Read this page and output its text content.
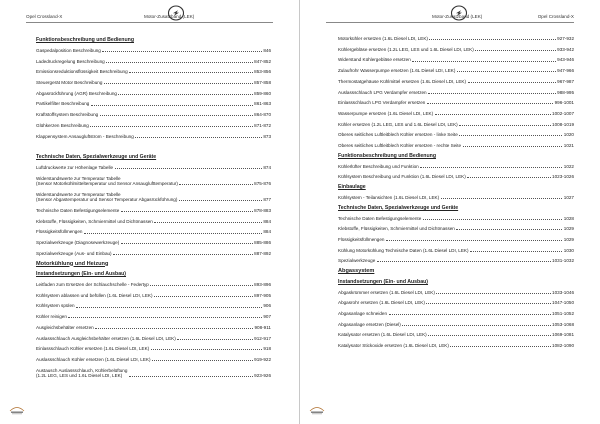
Opel Crossland-X	Motor-Zusatzband (LEK)
Funktionsbeschreibung und Bedienung
Gaspedalposition Beschreibung	846
Ladedruckregelung Beschreibung	847-852
Emissionsreduktionsflüssigkeit Beschreibung	853-856
Steuergerät Motor Beschreibung	857-858
Abgasrückführung (AGR) Beschreibung	859-860
Partikelfilter Beschreibung	861-863
Kraftstoffsystem Beschreibung	864-870
Glühkerzen Beschreibung	871-872
Klappensystem Ansaugluftstrom - Beschreibung	873
Technische Daten, Spezialwerkzeuge und Geräte
Luftdruckwerte zur Höhenlage Tabelle	874
Widerstandswerte zur Temperatur Tabelle
(Sensor Motorkühlmitteltemperatur und Sensor Ansauglufttemperatur)	875-876
Widerstandswerte zur Temperatur Tabelle
(Sensor Abgastemperatur und Sensor Temperatur Abgasrückführung)	877
Technische Daten Befestigungselemente	878-883
Klebstoffe, Flüssigkeiten, Schmiermittel und Dichtmassen	884
Flüssigkeitsfüllmengen	884
Spezialwerkzeuge (Diagnosewerkzeuge)	885-886
Spezialwerkzeuge (Aus- und Einbau)	887-892
Motorkühlung und Heizung
Instandsetzungen (Ein- und Ausbau)
Leitfaden zum Ersetzen der Schlauchschelle - Federtyp	893-896
Kühlsystem ablassen und befüllen (1.6L Diesel LDI, LEK)	897-905
Kühlsystem spülen	906
Kühler reinigen	907
Ausgleichsbehälter ersetzen	908-911
Auslassschlauch Ausgleichsbehälter ersetzen (1.6L Diesel LDI, LEK)	912-917
Einlassschlauch Kühler ersetzen (1.6L Diesel LDI, LEK)	918
Auslassschlauch Kühler ersetzen (1.6L Diesel LDI, LEK)	919-922
Austausch Auslassschlauch, Kühlerbelüftung
(1.2L LEG, LES und 1.6L Diesel LDI, LEK)	923-926
Motor-Zusatzband (LEK)	Opel Crossland-X
Motorkühler ersetzen (1.6L Diesel LDI, LEK)	927-932
Kühlergebläse ersetzen (1.2L LEG, LES und 1.6L Diesel LDI, LEK)	933-942
Widerstand Kühlergebläse ersetzen	943-946
Zulaufrohr Wasserpumpe ersetzen (1.6L Diesel LDI, LEK)	947-966
Thermostatgehäuse Kühlmittel ersetzen (1.6L Diesel LDI, LEK)	967-987
Auslassschlauch LPG Verdampfer ersetzen	988-995
Einlassschlauch LPG Verdampfer ersetzen	996-1001
Wasserpumpe ersetzen (1.6L Diesel LDI, LEK)	1002-1007
Kühler ersetzen (1.2L LEG, LES und 1.6L Diesel LDI, LEK)	1008-1019
Oberes seitliches Luftleitblech Kühler ersetzen - linke Seite	1020
Oberes seitliches Luftleitblech Kühler ersetzen - rechte Seite	1021
Funktionsbeschreibung und Bedienung
Kühlerlüfter Beschreibung und Funktion	1022
Kühlsystem Beschreibung und Funktion (1.6L Diesel LDI, LEK)	1023-1026
Einbaulage
Kühlsystem - Teilansichten (1.6L Diesel LDI, LEK)	1027
Technische Daten, Spezialwerkzeuge und Geräte
Technische Daten Befestigungselemente	1028
Klebstoffe, Flüssigkeiten, Schmiermittel und Dichtmassen	1029
Flüssigkeitsfüllmengen	1029
Kühlung Motorkühlung Technische Daten (1.6L Diesel LDI, LEK)	1030
Spezialwerkzeuge	1031-1032
Abgassystem
Instandsetzungen (Ein- und Ausbau)
Abgaskrümmer ersetzen (1.6L Diesel LDI, LEK)	1033-1046
Abgasrohr ersetzen (1.6L Diesel LDI, LEK)	1047-1050
Abgasanlage schneiden	1051-1052
Abgasanlage ersetzen (Diesel)	1053-1068
Katalysator ersetzen (1.6L Diesel LDI, LEK)	1069-1081
Katalysator Stickoxide ersetzen (1.6L Diesel LDI, LEK)	1082-1090
